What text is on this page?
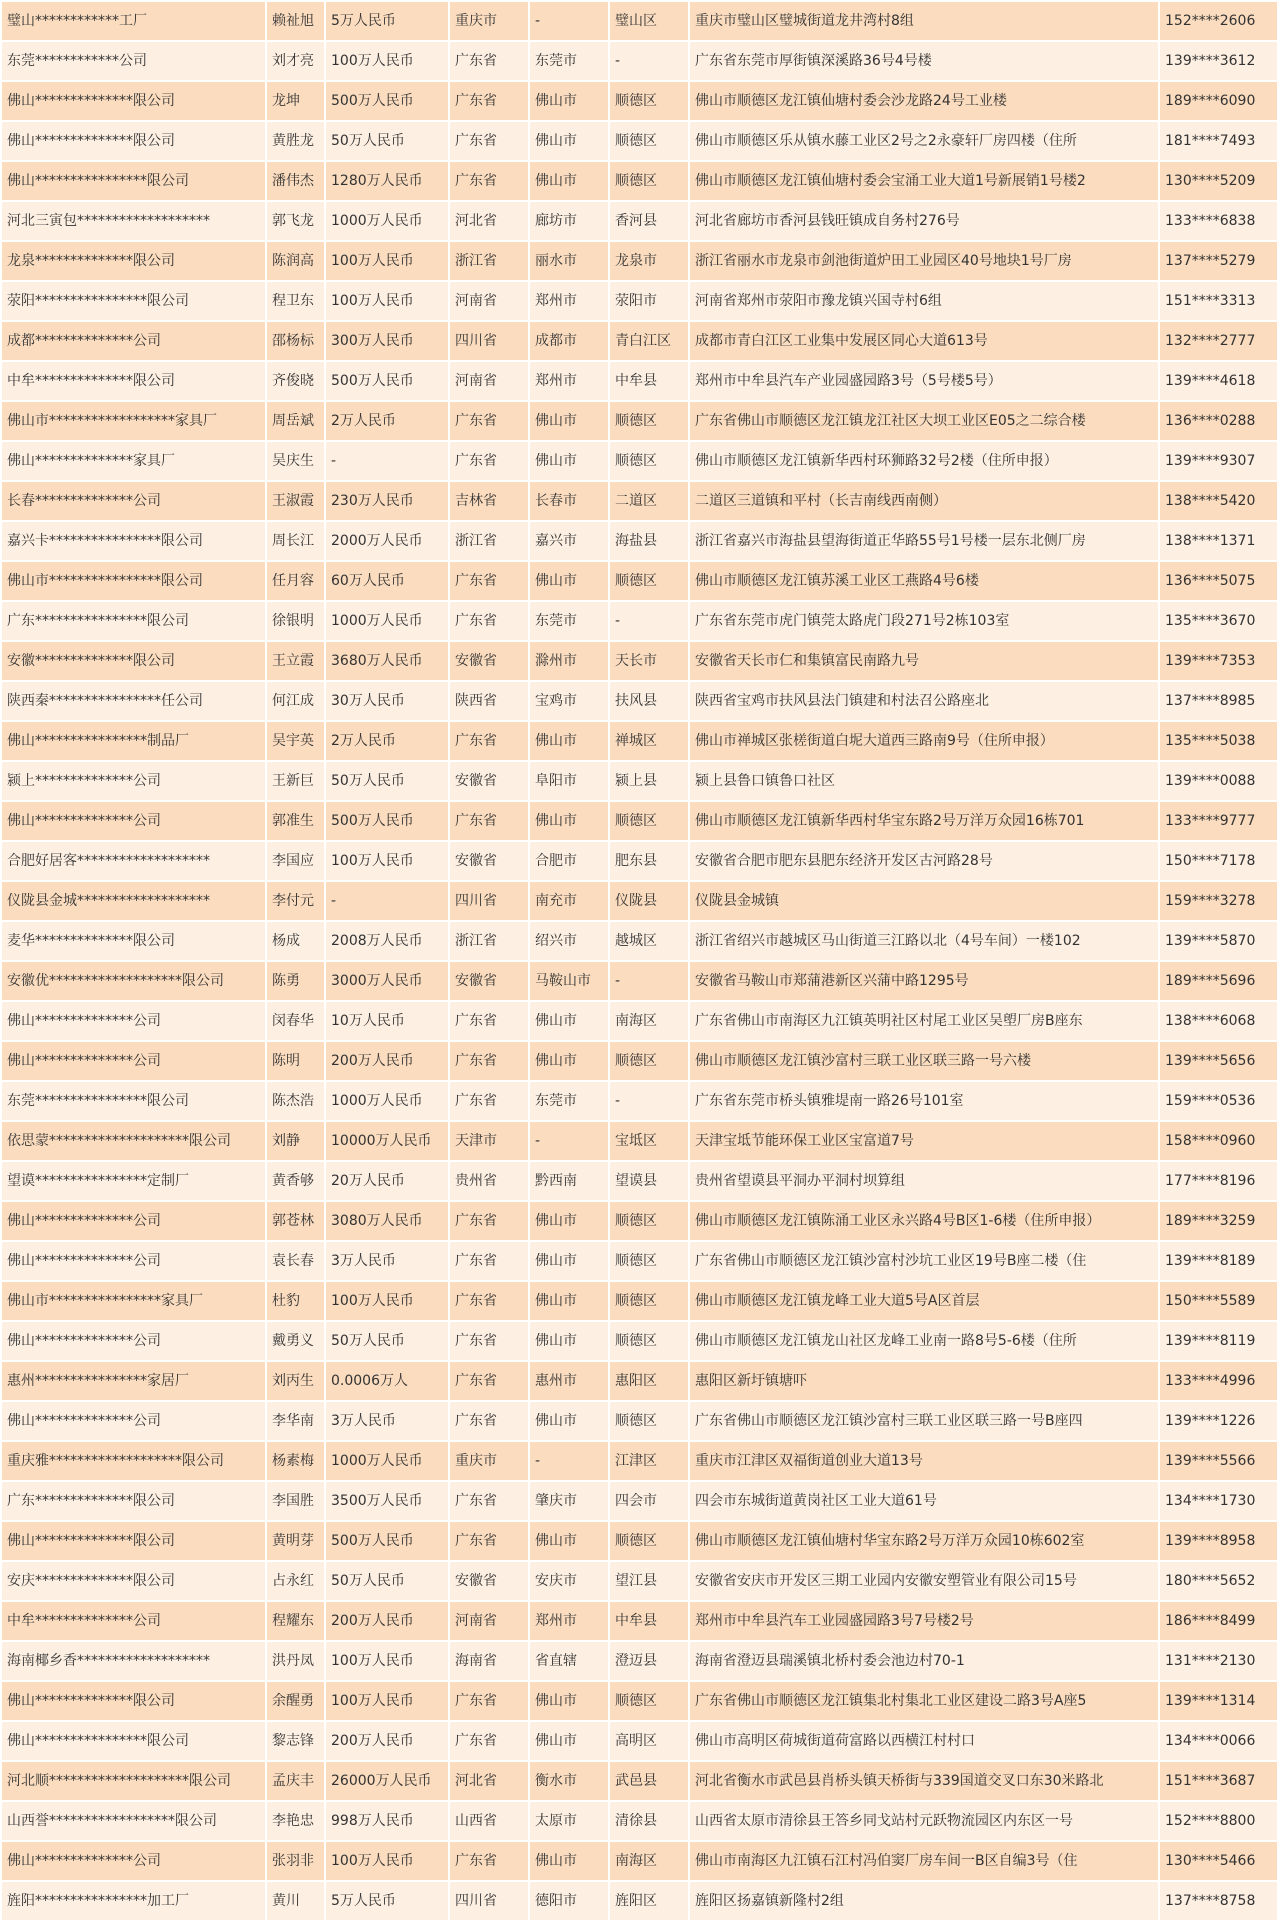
璧山************工厂	赖祉旭	5万人民币	重庆市	-	璧山区	重庆市璧山区璧城街道龙井湾村8组	152****2606
东莞************公司	刘才亮	100万人民币	广东省	东莞市	-	广东省东莞市厚街镇深溪路36号4号楼	139****3612
佛山**************限公司	龙坤	500万人民币	广东省	佛山市	顺德区	佛山市顺德区龙江镇仙塘村委会沙龙路24号工业楼	189****6090
佛山**************限公司	黄胜龙	50万人民币	广东省	佛山市	顺德区	佛山市顺德区乐从镇水藤工业区2号之2永豪轩厂房四楼（住所	181****7493
佛山****************限公司	潘伟杰	1280万人民币	广东省	佛山市	顺德区	佛山市顺德区龙江镇仙塘村委会宝涌工业大道1号新展销1号楼2	130****5209
河北三寅包*******************	郭飞龙	1000万人民币	河北省	廊坊市	香河县	河北省廊坊市香河县钱旺镇成自务村276号	133****6838
龙泉**************限公司	陈润高	100万人民币	浙江省	丽水市	龙泉市	浙江省丽水市龙泉市剑池街道炉田工业园区40号地块1号厂房	137****5279
荥阳****************限公司	程卫东	100万人民币	河南省	郑州市	荥阳市	河南省郑州市荥阳市豫龙镇兴国寺村6组	151****3313
成都**************公司	邵杨标	300万人民币	四川省	成都市	青白江区	成都市青白江区工业集中发展区同心大道613号	132****2777
中牟**************限公司	齐俊晓	500万人民币	河南省	郑州市	中牟县	郑州市中牟县汽车产业园盛园路3号（5号楼5号）	139****4618
佛山市******************家具厂	周岳斌	2万人民币	广东省	佛山市	顺德区	广东省佛山市顺德区龙江镇龙江社区大坝工业区E05之二综合楼	136****0288
佛山**************家具厂	吴庆生	-	广东省	佛山市	顺德区	佛山市顺德区龙江镇新华西村环狮路32号2楼（住所申报）	139****9307
长春**************公司	王淑霞	230万人民币	吉林省	长春市	二道区	二道区三道镇和平村（长吉南线西南侧）	138****5420
嘉兴卡****************限公司	周长江	2000万人民币	浙江省	嘉兴市	海盐县	浙江省嘉兴市海盐县望海街道正华路55号1号楼一层东北侧厂房	138****1371
佛山市****************限公司	任月容	60万人民币	广东省	佛山市	顺德区	佛山市顺德区龙江镇苏溪工业区工燕路4号6楼	136****5075
广东****************限公司	徐银明	1000万人民币	广东省	东莞市	-	广东省东莞市虎门镇莞太路虎门段271号2栋103室	135****3670
安徽**************限公司	王立霞	3680万人民币	安徽省	滁州市	天长市	安徽省天长市仁和集镇富民南路九号	139****7353
陕西秦****************任公司	何江成	30万人民币	陕西省	宝鸡市	扶风县	陕西省宝鸡市扶风县法门镇建和村法召公路座北	137****8985
佛山****************制品厂	吴宇英	2万人民币	广东省	佛山市	禅城区	佛山市禅城区张槎街道白坭大道西三路南9号（住所申报）	135****5038
颍上**************公司	王新巨	50万人民币	安徽省	阜阳市	颍上县	颍上县鲁口镇鲁口社区	139****0088
佛山**************公司	郭准生	500万人民币	广东省	佛山市	顺德区	佛山市顺德区龙江镇新华西村华宝东路2号万洋万众园16栋701	133****9777
合肥好居客*******************	李国应	100万人民币	安徽省	合肥市	肥东县	安徽省合肥市肥东县肥东经济开发区古河路28号	150****7178
仪陇县金城*******************	李付元	-	四川省	南充市	仪陇县	仪陇县金城镇	159****3278
麦华**************限公司	杨成	2008万人民币	浙江省	绍兴市	越城区	浙江省绍兴市越城区马山街道三江路以北（4号车间）一楼102	139****5870
安徽优*******************限公司	陈勇	3000万人民币	安徽省	马鞍山市	-	安徽省马鞍山市郑蒲港新区兴蒲中路1295号	189****5696
佛山**************公司	闵春华	10万人民币	广东省	佛山市	南海区	广东省佛山市南海区九江镇英明社区村尾工业区吴塱厂房B座东	138****6068
佛山**************公司	陈明	200万人民币	广东省	佛山市	顺德区	佛山市顺德区龙江镇沙富村三联工业区联三路一号六楼	139****5656
东莞****************限公司	陈杰浩	1000万人民币	广东省	东莞市	-	广东省东莞市桥头镇雅堤南一路26号101室	159****0536
依思蒙********************限公司	刘静	10000万人民币	天津市	-	宝坻区	天津宝坻节能环保工业区宝富道7号	158****0960
望谟****************定制厂	黄香够	20万人民币	贵州省	黔西南	望谟县	贵州省望谟县平洞办平洞村坝算组	177****8196
佛山**************公司	郭苍林	3080万人民币	广东省	佛山市	顺德区	佛山市顺德区龙江镇陈涌工业区永兴路4号B区1-6楼（住所申报）	189****3259
佛山**************公司	袁长春	3万人民币	广东省	佛山市	顺德区	广东省佛山市顺德区龙江镇沙富村沙坑工业区19号B座二楼（住	139****8189
佛山市****************家具厂	杜豹	100万人民币	广东省	佛山市	顺德区	佛山市顺德区龙江镇龙峰工业大道5号A区首层	150****5589
佛山**************公司	戴勇义	50万人民币	广东省	佛山市	顺德区	佛山市顺德区龙江镇龙山社区龙峰工业南一路8号5-6楼（住所	139****8119
惠州****************家居厂	刘丙生	0.0006万人	广东省	惠州市	惠阳区	惠阳区新圩镇塘吓	133****4996
佛山**************公司	李华南	3万人民币	广东省	佛山市	顺德区	广东省佛山市顺德区龙江镇沙富村三联工业区联三路一号B座四	139****1226
重庆雅*******************限公司	杨素梅	1000万人民币	重庆市	-	江津区	重庆市江津区双福街道创业大道13号	139****5566
广东**************限公司	李国胜	3500万人民币	广东省	肇庆市	四会市	四会市东城街道黄岗社区工业大道61号	134****1730
佛山**************限公司	黄明芽	500万人民币	广东省	佛山市	顺德区	佛山市顺德区龙江镇仙塘村华宝东路2号万洋万众园10栋602室	139****8958
安庆**************限公司	占永红	50万人民币	安徽省	安庆市	望江县	安徽省安庆市开发区三期工业园内安徽安塑管业有限公司15号	180****5652
中牟**************公司	程耀东	200万人民币	河南省	郑州市	中牟县	郑州市中牟县汽车工业园盛园路3号7号楼2号	186****8499
海南椰乡香*******************	洪丹凤	100万人民币	海南省	省直辖	澄迈县	海南省澄迈县瑞溪镇北桥村委会池边村70-1	131****2130
佛山**************限公司	余醒勇	100万人民币	广东省	佛山市	顺德区	广东省佛山市顺德区龙江镇集北村集北工业区建设二路3号A座5	139****1314
佛山****************限公司	黎志锋	200万人民币	广东省	佛山市	高明区	佛山市高明区荷城街道荷富路以西横江村村口	134****0066
河北顺********************限公司	孟庆丰	26000万人民币	河北省	衡水市	武邑县	河北省衡水市武邑县肖桥头镇天桥街与339国道交叉口东30米路北	151****3687
山西誉******************限公司	李艳忠	998万人民币	山西省	太原市	清徐县	山西省太原市清徐县王答乡同戈站村元跃物流园区内东区一号	152****8800
佛山**************公司	张羽非	100万人民币	广东省	佛山市	南海区	佛山市南海区九江镇石江村冯伯窦厂房车间一B区自编3号（住	130****5466
旌阳****************加工厂	黄川	5万人民币	四川省	德阳市	旌阳区	旌阳区扬嘉镇新隆村2组	137****8758
